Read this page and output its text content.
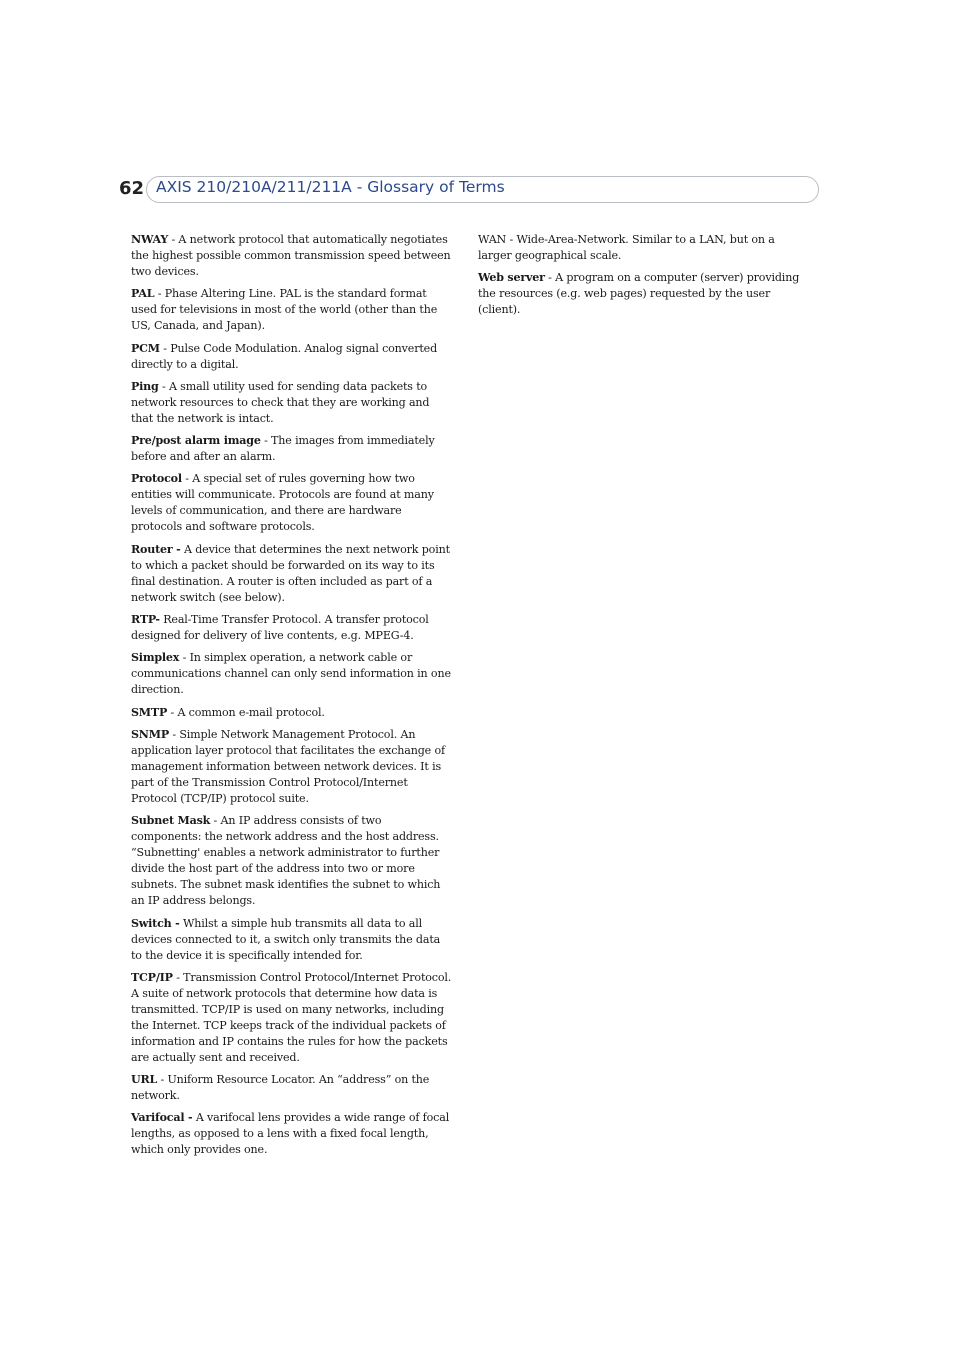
62 AXIS 210/210A/211/211A - Glossary of Terms

NWAY - A network protocol that automatically negotiates the highest possible common transmission speed between two devices.

PAL - Phase Altering Line. PAL is the standard format used for televisions in most of the world (other than the US, Canada, and Japan).

PCM - Pulse Code Modulation. Analog signal converted directly to a digital.

Ping - A small utility used for sending data packets to network resources to check that they are working and that the network is intact.

Pre/post alarm image - The images from immediately before and after an alarm.

Protocol - A special set of rules governing how two entities will communicate. Protocols are found at many levels of communication, and there are hardware protocols and software protocols.

Router - A device that determines the next network point to which a packet should be forwarded on its way to its final destination. A router is often included as part of a network switch (see below).

RTP- Real-Time Transfer Protocol. A transfer protocol designed for delivery of live contents, e.g. MPEG-4.

Simplex - In simplex operation, a network cable or communications channel can only send information in one direction.

SMTP - A common e-mail protocol.

SNMP - Simple Network Management Protocol. An application layer protocol that facilitates the exchange of management information between network devices. It is part of the Transmission Control Protocol/Internet Protocol (TCP/IP) protocol suite.

Subnet Mask - An IP address consists of two components: the network address and the host address. “Subnetting' enables a network administrator to further divide the host part of the address into two or more subnets. The subnet mask identifies the subnet to which an IP address belongs.

Switch - Whilst a simple hub transmits all data to all devices connected to it, a switch only transmits the data to the device it is specifically intended for.

TCP/IP - Transmission Control Protocol/Internet Protocol. A suite of network protocols that determine how data is transmitted. TCP/IP is used on many networks, including the Internet. TCP keeps track of the individual packets of information and IP contains the rules for how the packets are actually sent and received.

URL - Uniform Resource Locator. An “address” on the network.

Varifocal - A varifocal lens provides a wide range of focal lengths, as opposed to a lens with a fixed focal length, which only provides one.

WAN - Wide-Area-Network. Similar to a LAN, but on a larger geographical scale.

Web server - A program on a computer (server) providing the resources (e.g. web pages) requested by the user (client).
